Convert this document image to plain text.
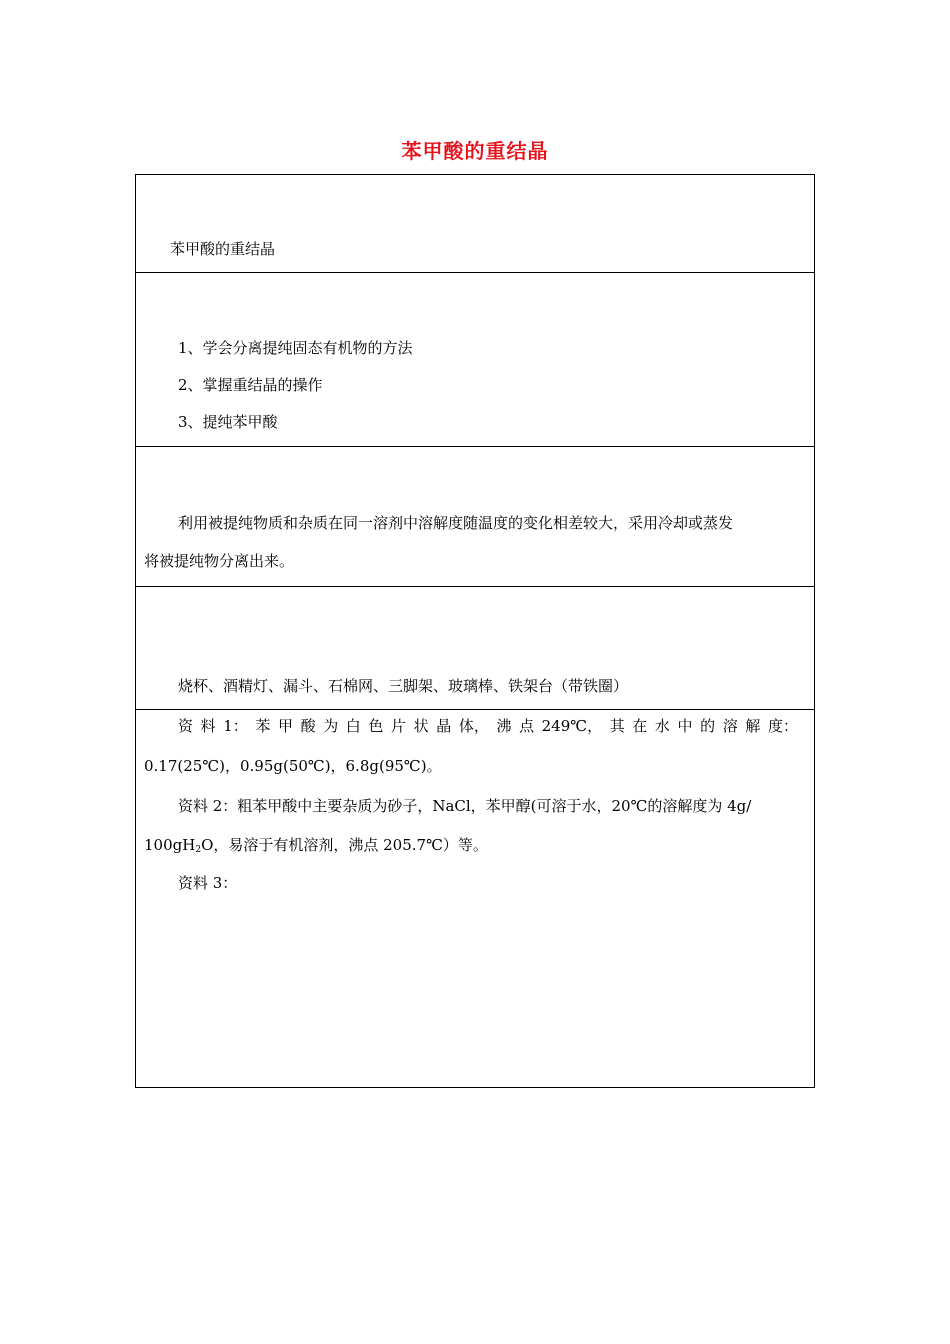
苯甲酸的重结晶
苯甲酸的重结晶
1、学会分离提纯固态有机物的方法
2、掌握重结晶的操作
3、提纯苯甲酸
利用被提纯物质和杂质在同一溶剂中溶解度随温度的变化相差较大，采用冷却或蒸发
将被提纯物分离出来。
烧杯、酒精灯、漏斗、石棉网、三脚架、玻璃棒、铁架台（带铁圈）
资 料 1： 苯 甲 酸 为 白 色 片 状 晶 体， 沸 点 249℃， 其 在 水 中 的 溶 解 度：
0.17(25℃)，0.95g(50℃)，6.8g(95℃)。
资料 2：粗苯甲酸中主要杂质为砂子，NaCl，苯甲醇(可溶于水，20℃的溶解度为 4g/
$100gH_2O$，易溶于有机溶剂，沸点 205.7℃）等。
资料 3：
